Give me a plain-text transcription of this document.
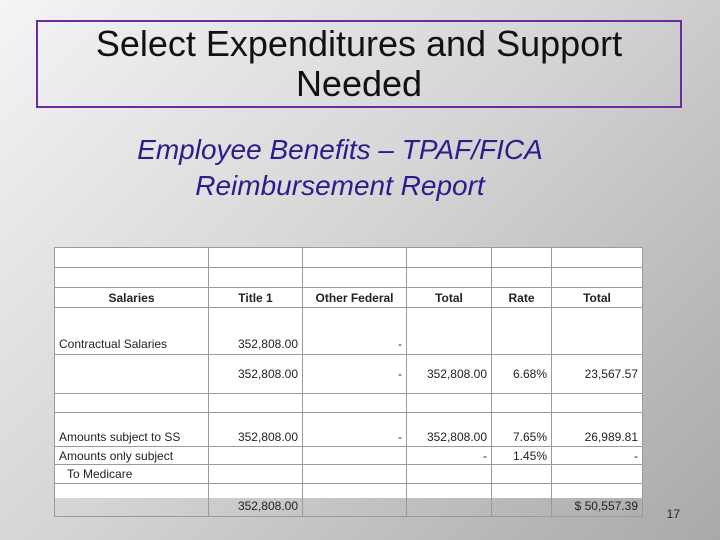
Select Expenditures and Support Needed
Employee Benefits – TPAF/FICA Reimbursement Report

Salaries	Title 1	Other Federal	Total	Rate	Total
Contractual Salaries	352,808.00	-			
	352,808.00	-	352,808.00	6.68%	23,567.57

Amounts subject to SS	352,808.00	-	352,808.00	7.65%	26,989.81
Amounts only subject			-	1.45%	-
To Medicare					
	352,808.00				$ 50,557.39
17
